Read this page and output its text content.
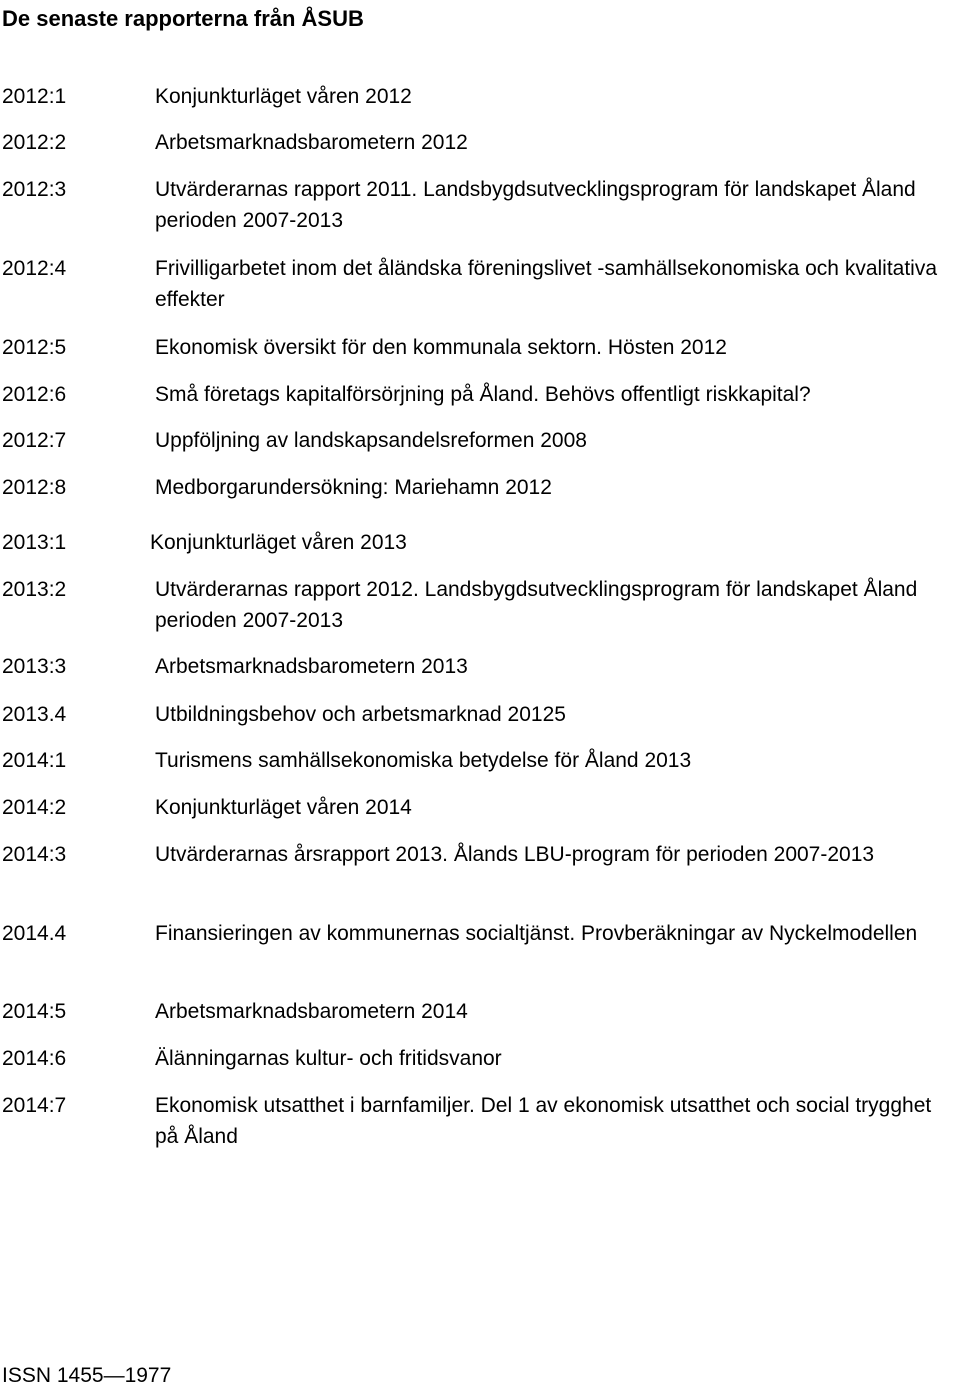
De senaste rapporterna från ÅSUB
2012:1	Konjunkturläget våren 2012
2012:2	Arbetsmarknadsbarometern 2012
2012:3	Utvärderarnas rapport 2011. Landsbygdsutvecklingsprogram för landskapet Åland perioden 2007-2013
2012:4	Frivilligarbetet inom det åländska föreningslivet -samhällsekonomiska och kvalitativa effekter
2012:5	Ekonomisk översikt för den kommunala sektorn. Hösten 2012
2012:6	Små företags kapitalförsörjning på Åland. Behövs offentligt riskkapital?
2012:7	Uppföljning av landskapsandelsreformen 2008
2012:8	Medborgarundersökning: Mariehamn 2012
2013:1	Konjunkturläget våren 2013
2013:2	Utvärderarnas rapport 2012. Landsbygdsutvecklingsprogram för landskapet Åland perioden 2007-2013
2013:3	Arbetsmarknadsbarometern 2013
2013.4	Utbildningsbehov och arbetsmarknad 20125
2014:1	Turismens samhällsekonomiska betydelse för Åland 2013
2014:2	Konjunkturläget våren 2014
2014:3	Utvärderarnas årsrapport 2013. Ålands LBU-program för perioden 2007-2013
2014.4	Finansieringen av kommunernas socialtjänst. Provberäkningar av Nyckelmodellen
2014:5	Arbetsmarknadsbarometern 2014
2014:6	Älänningarnas kultur- och fritidsvanor
2014:7	Ekonomisk utsatthet i barnfamiljer. Del 1 av ekonomisk utsatthet och social trygghet på Åland
ISSN 1455—1977
